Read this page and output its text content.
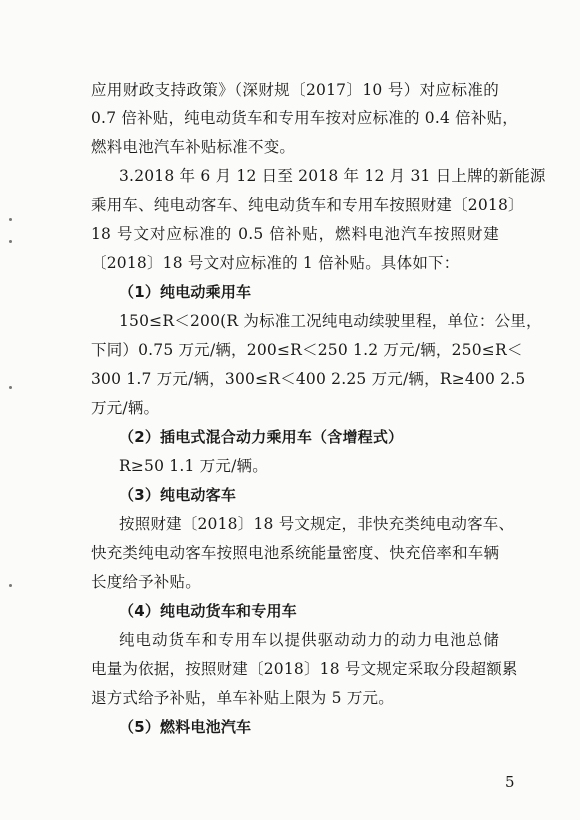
应用财政支持政策》（深财规〔2017〕10 号）对应标准的
0.7 倍补贴，纯电动货车和专用车按对应标准的 0.4 倍补贴，
燃料电池汽车补贴标准不变。
3.2018 年 6 月 12 日至 2018 年 12 月 31 日上牌的新能源
乘用车、纯电动客车、纯电动货车和专用车按照财建〔2018〕
18 号文对应标准的 0.5 倍补贴，燃料电池汽车按照财建
〔2018〕18 号文对应标准的 1 倍补贴。具体如下：
（1）纯电动乘用车
150≤R＜200(R 为标准工况纯电动续驶里程，单位：公里，
下同）0.75 万元/辆，200≤R＜250 1.2 万元/辆，250≤R＜
300 1.7 万元/辆，300≤R＜400 2.25 万元/辆，R≥400 2.5
万元/辆。
（2）插电式混合动力乘用车（含增程式）
R≥50 1.1 万元/辆。
（3）纯电动客车
按照财建〔2018〕18 号文规定，非快充类纯电动客车、
快充类纯电动客车按照电池系统能量密度、快充倍率和车辆
长度给予补贴。
（4）纯电动货车和专用车
纯电动货车和专用车以提供驱动动力的动力电池总储
电量为依据，按照财建〔2018〕18 号文规定采取分段超额累
退方式给予补贴，单车补贴上限为 5 万元。
（5）燃料电池汽车
5
